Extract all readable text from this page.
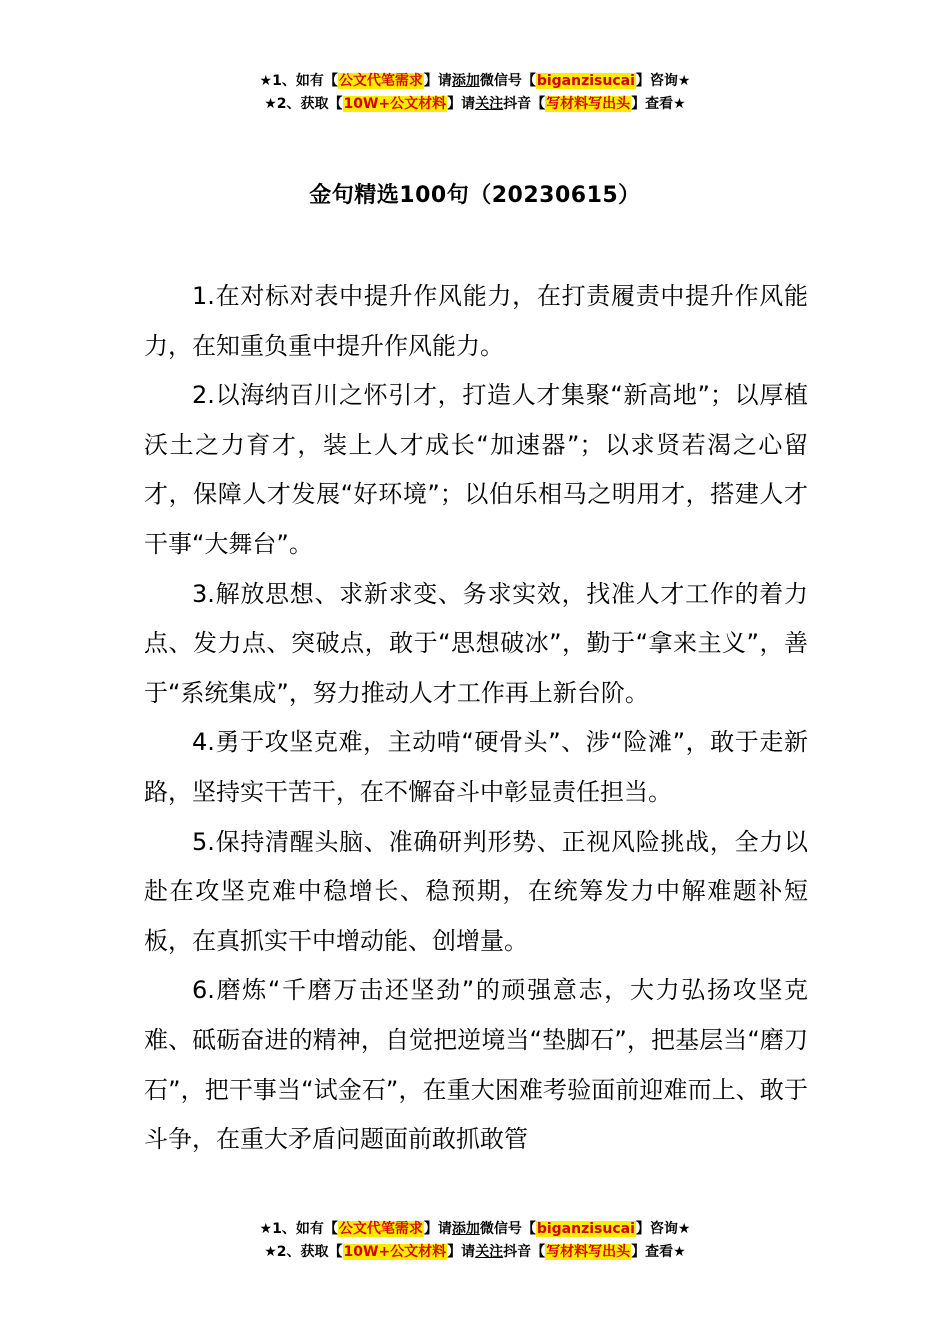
★1、如有【公文代笔需求】请添加微信号【biganzisucai】咨询★
★2、获取【10W+公文材料】请关注抖音【写材料写出头】查看★
金句精选100句（20230615）

1.在对标对表中提升作风能力，在打责履责中提升作风能力，在知重负重中提升作风能力。

2.以海纳百川之怀引才，打造人才集聚“新高地”；以厚植沃土之力育才，装上人才成长“加速器”；以求贤若渴之心留才，保障人才发展“好环境”；以伯乐相马之明用才，搭建人才干事“大舞台”。

3.解放思想、求新求变、务求实效，找准人才工作的着力点、发力点、突破点，敢于“思想破冰”，勤于“拿来主义”，善于“系统集成”，努力推动人才工作再上新台阶。

4.勇于攻坚克难，主动啃“硬骨头”、涉“险滩”，敢于走新路，坚持实干苦干，在不懈奋斗中彰显责任担当。

5.保持清醒头脑、准确研判形势、正视风险挑战，全力以赴在攻坚克难中稳增长、稳预期，在统筹发力中解难题补短板，在真抓实干中增动能、创增量。

6.磨炼“千磨万击还坚劲”的顽强意志，大力弘扬攻坚克难、砥砺奋进的精神，自觉把逆境当“垫脚石”，把基层当“磨刀石”，把干事当“试金石”，在重大困难考验面前迎难而上、敢于斗争，在重大矛盾问题面前敢抓敢管

★1、如有【公文代笔需求】请添加微信号【biganzisucai】咨询★
★2、获取【10W+公文材料】请关注抖音【写材料写出头】查看★
